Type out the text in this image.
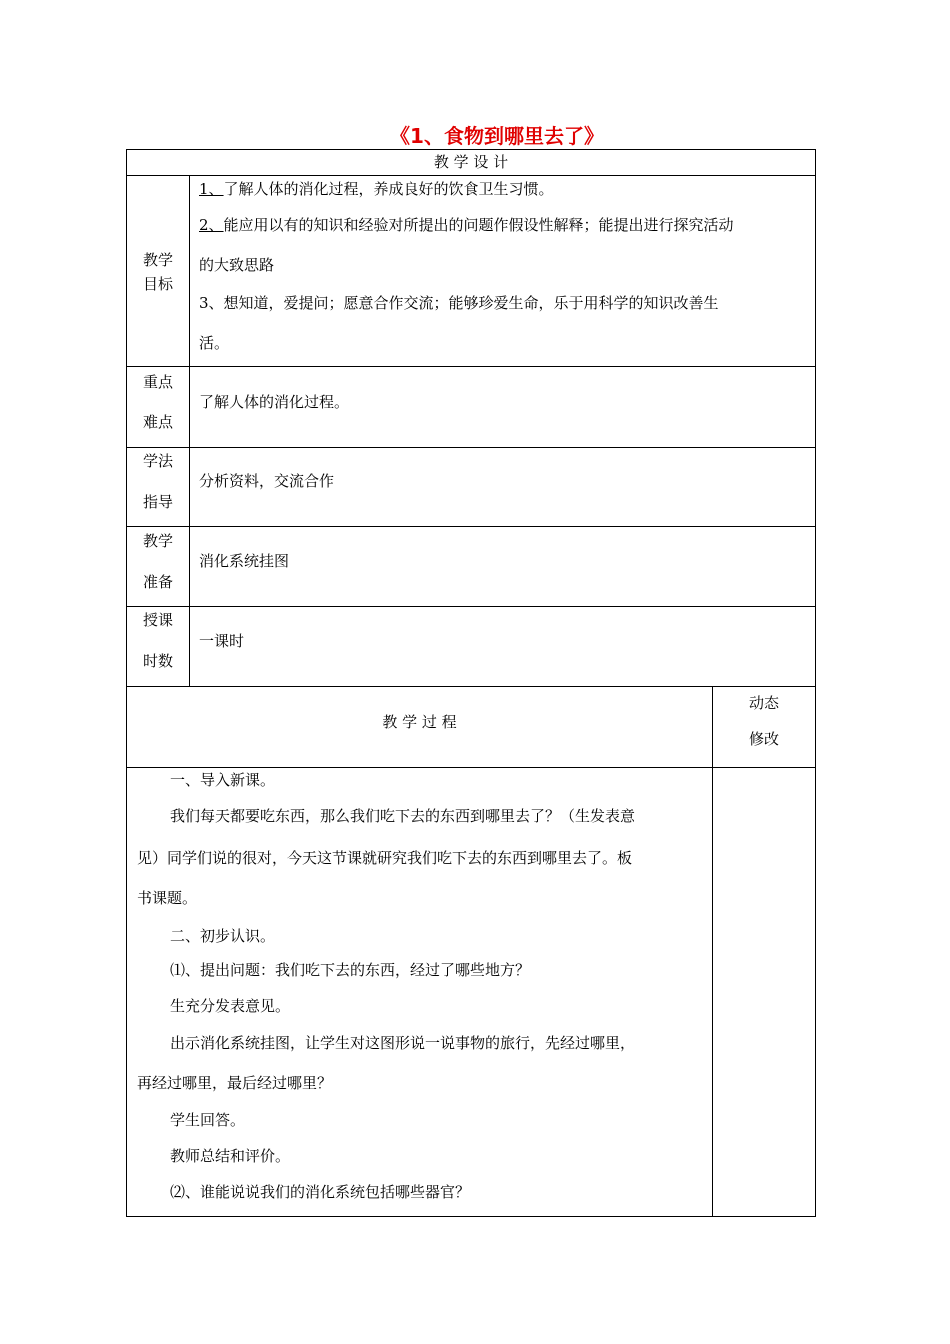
《1、食物到哪里去了》
教 学 设 计
教学
目标
1、了解人体的消化过程，养成良好的饮食卫生习惯。
2、能应用以有的知识和经验对所提出的问题作假设性解释；能提出进行探究活动
的大致思路
3、想知道，爱提问；愿意合作交流；能够珍爱生命，乐于用科学的知识改善生
活。
重点
难点
了解人体的消化过程。
学法
指导
分析资料，交流合作
教学
准备
消化系统挂图
授课
时数
一课时
教 学 过 程
动态
修改
一、导入新课。
我们每天都要吃东西，那么我们吃下去的东西到哪里去了？（生发表意
见）同学们说的很对，今天这节课就研究我们吃下去的东西到哪里去了。板
书课题。
二、初步认识。
⑴、提出问题：我们吃下去的东西，经过了哪些地方？
生充分发表意见。
出示消化系统挂图，让学生对这图形说一说事物的旅行，先经过哪里，
再经过哪里，最后经过哪里？
学生回答。
教师总结和评价。
⑵、谁能说说我们的消化系统包括哪些器官？
